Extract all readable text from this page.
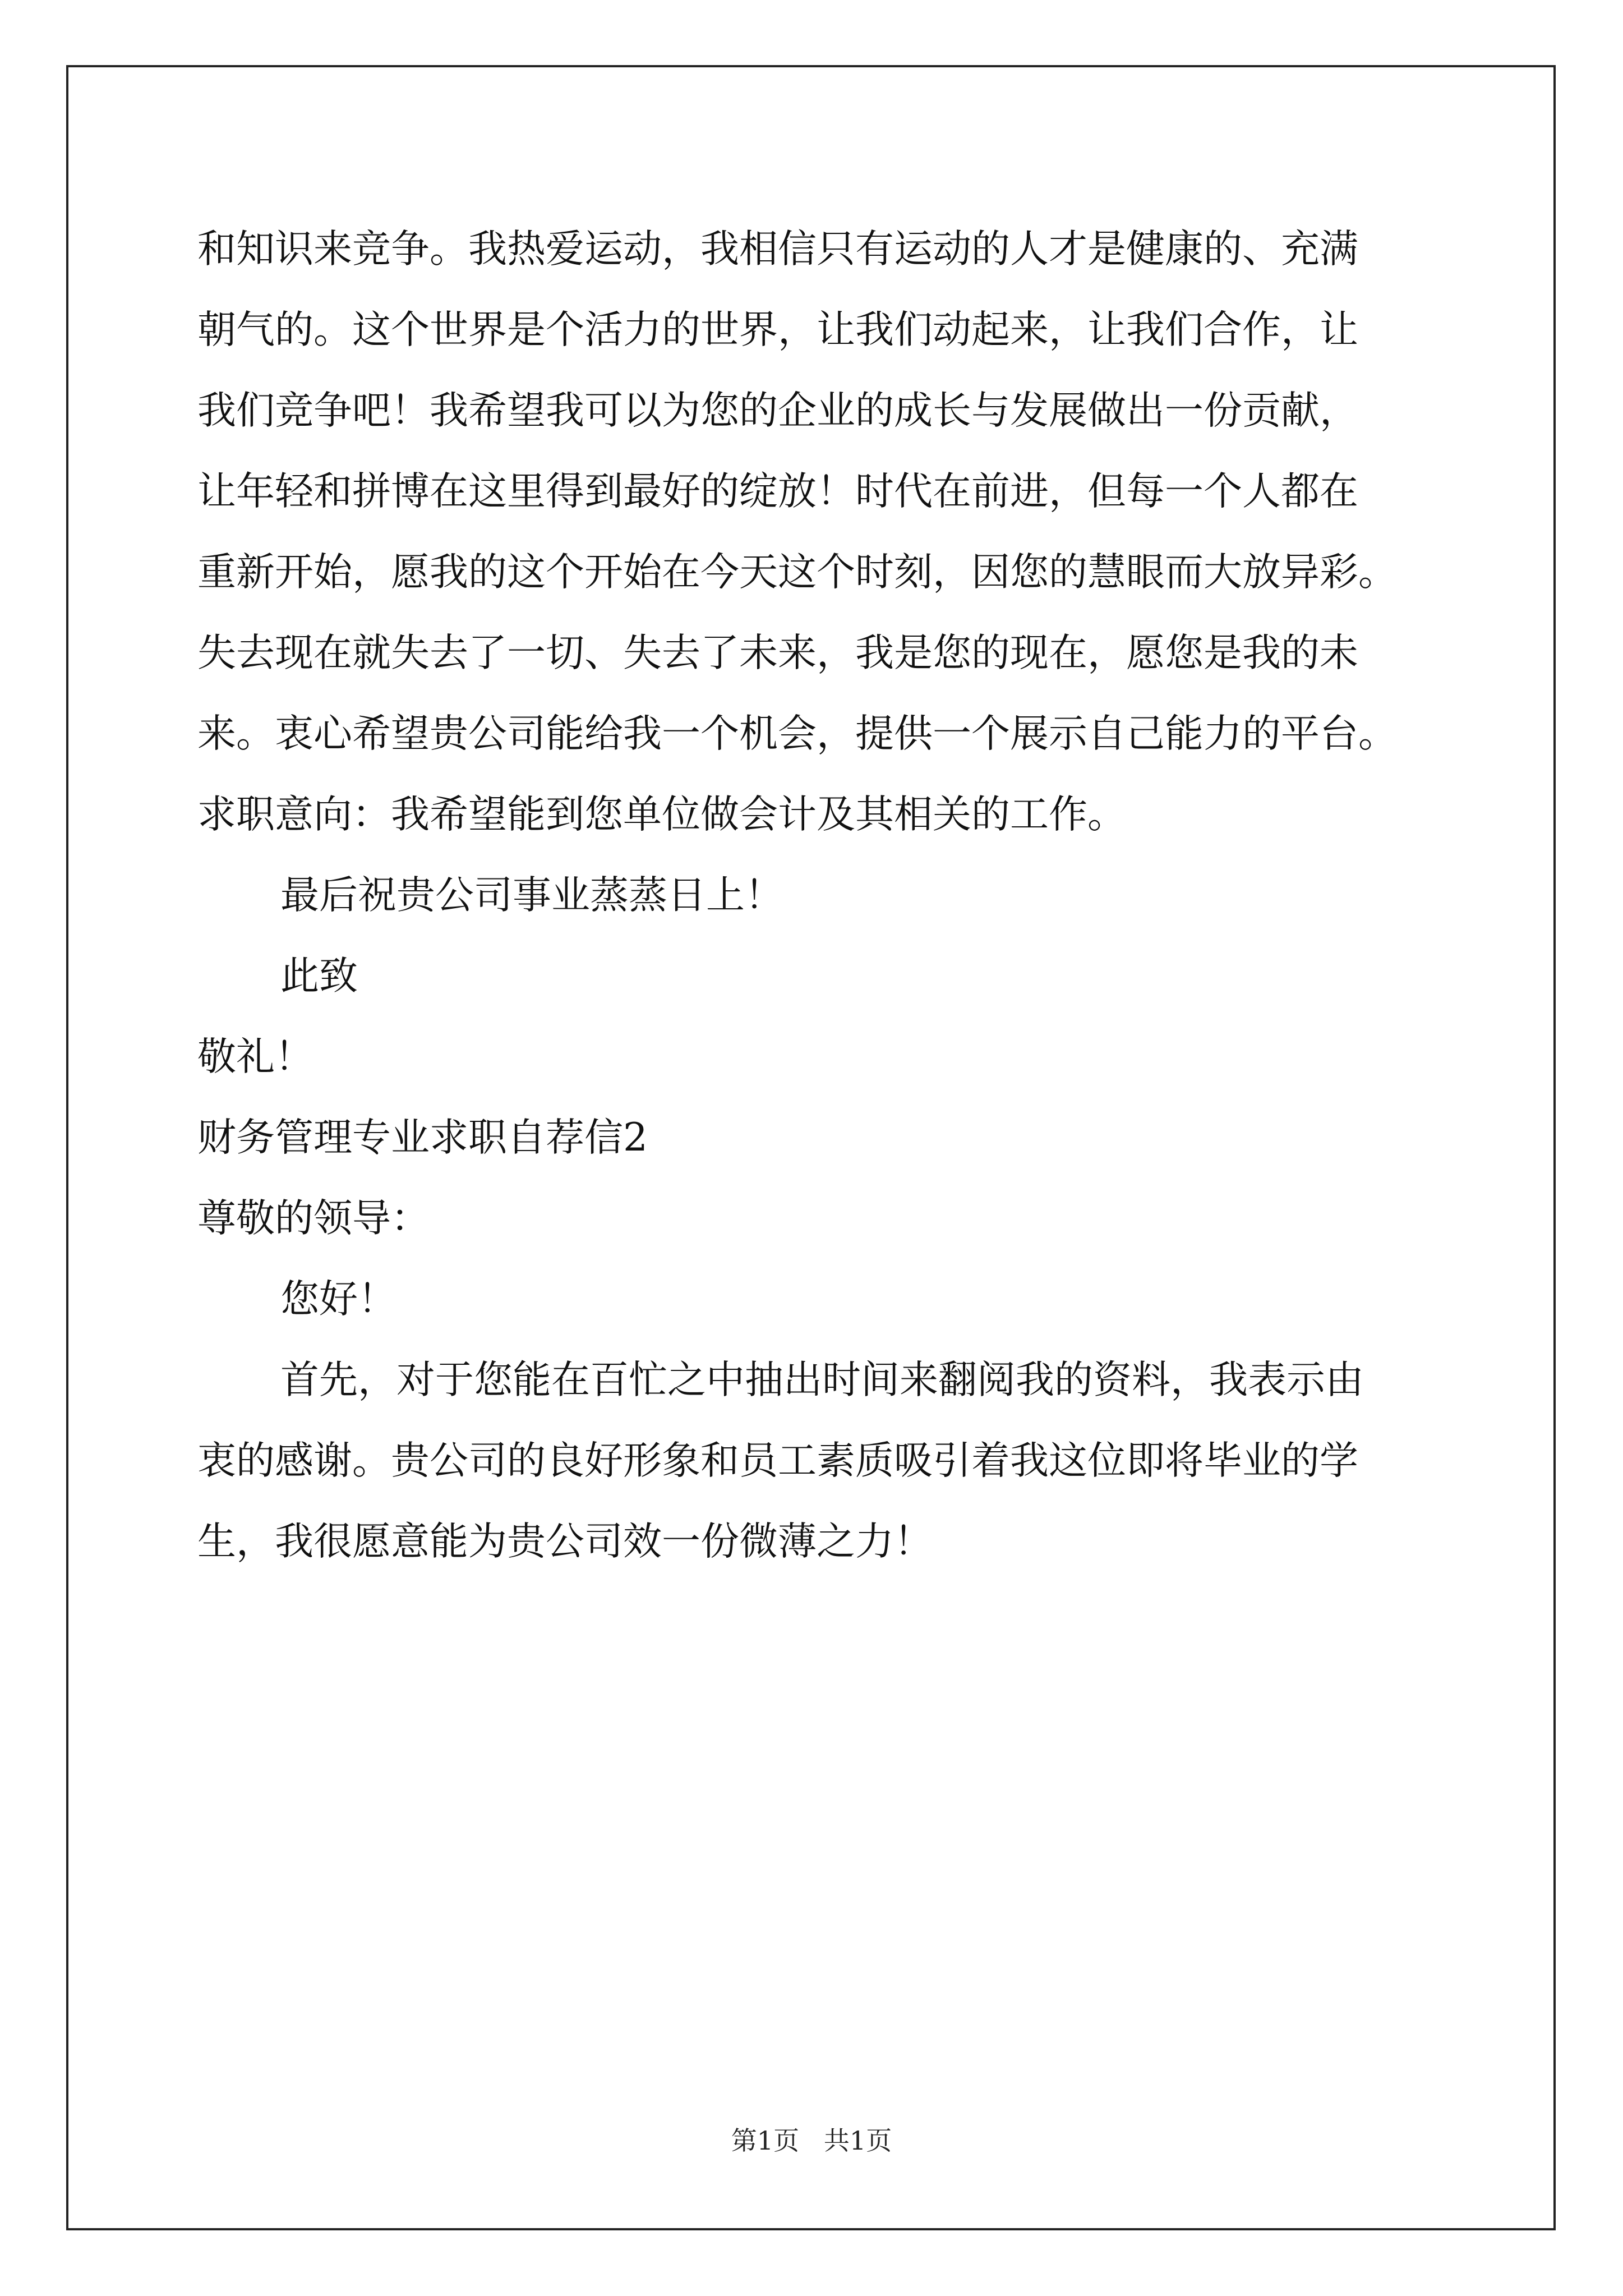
和知识来竞争。我热爱运动，我相信只有运动的人才是健康的、充满
朝气的。这个世界是个活力的世界，让我们动起来，让我们合作，让
我们竞争吧！我希望我可以为您的企业的成长与发展做出一份贡献，
让年轻和拼博在这里得到最好的绽放！时代在前进，但每一个人都在
重新开始，愿我的这个开始在今天这个时刻，因您的慧眼而大放异彩。
失去现在就失去了一切、失去了未来，我是您的现在，愿您是我的未
来。衷心希望贵公司能给我一个机会，提供一个展示自己能力的平台。
求职意向：我希望能到您单位做会计及其相关的工作。
最后祝贵公司事业蒸蒸日上！
此致
敬礼！
财务管理专业求职自荐信2
尊敬的领导：
您好！
首先，对于您能在百忙之中抽出时间来翻阅我的资料，我表示由
衷的感谢。贵公司的良好形象和员工素质吸引着我这位即将毕业的学
生，我很愿意能为贵公司效一份微薄之力！
第1页   共1页
